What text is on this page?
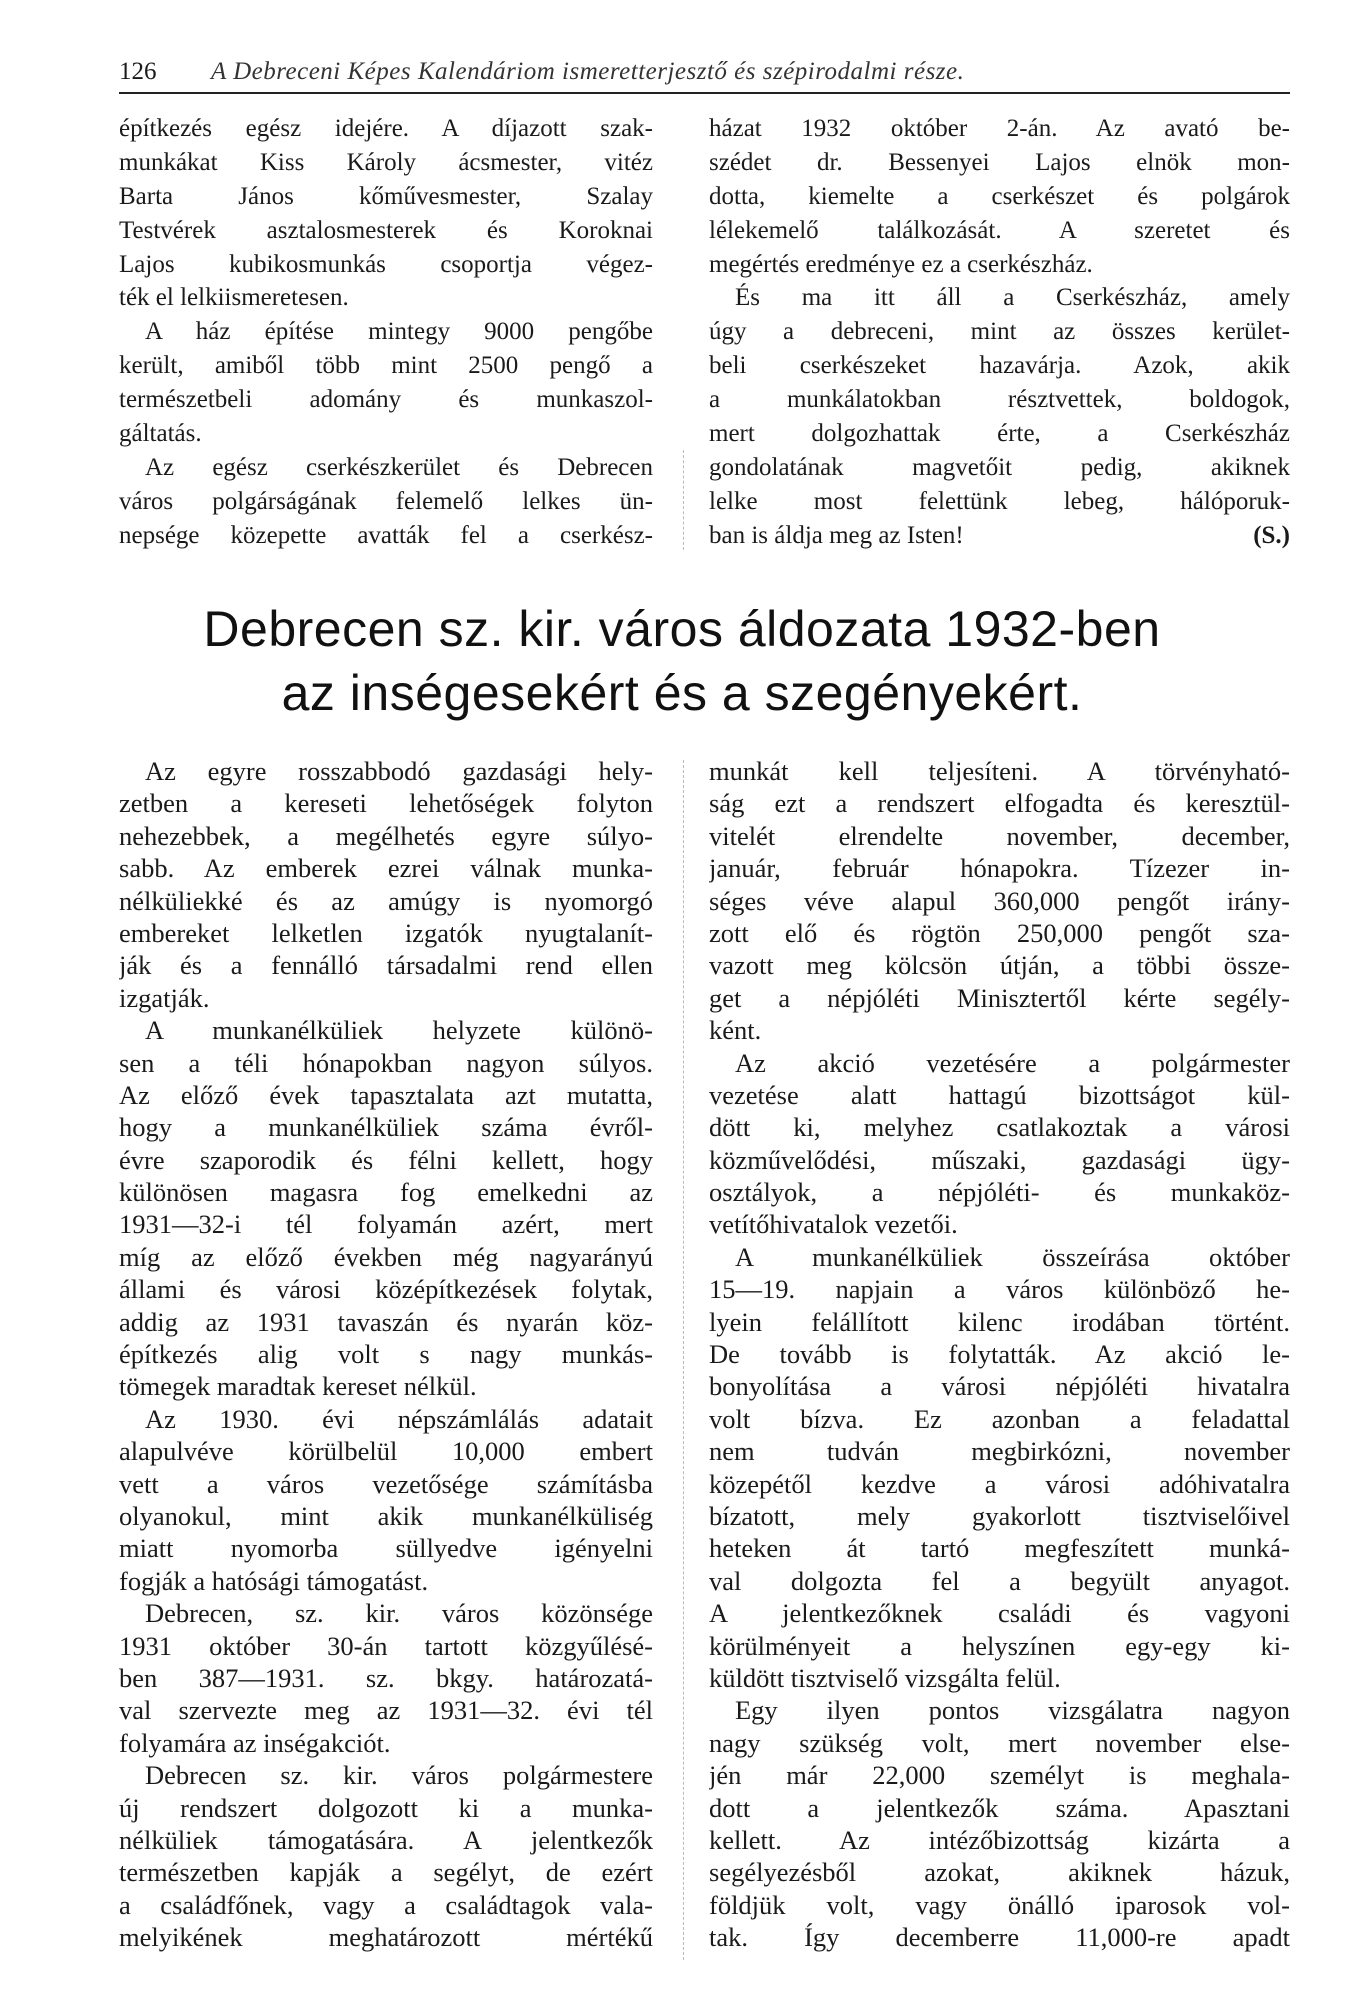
126 A Debreceni Képes Kalendáriom ismeretterjesztő és szépirodalmi része.
építkezés egész idejére. A díjazott szak-
munkákat Kiss Károly ácsmester, vitéz
Barta János kőművesmester, Szalay
Testvérek asztalosmesterek és Koroknai
Lajos kubikosmunkás csoportja végez-
ték el lelkiismeretesen.
A ház építése mintegy 9000 pengőbe
került, amiből több mint 2500 pengő a
természetbeli adomány és munkaszol-
gáltatás.
Az egész cserkészkerület és Debrecen
város polgárságának felemelő lelkes ün-
nepsége közepette avatták fel a cserkész-
házat 1932 október 2-án. Az avató be-
szédet dr. Bessenyei Lajos elnök mon-
dotta, kiemelte a cserkészet és polgárok
lélekemelő találkozását. A szeretet és
megértés eredménye ez a cserkészház.
És ma itt áll a Cserkészház, amely
úgy a debreceni, mint az összes kerület-
beli cserkészeket hazavárja. Azok, akik
a munkálatokban résztvettek, boldogok,
mert dolgozhattak érte, a Cserkészház
gondolatának magvetőit pedig, akiknek
lelke most felettünk lebeg, hálóporuk-
(S.)
ban is áldja meg az Isten!
Debrecen sz. kir. város áldozata 1932-ben
az inségesekért és a szegényekért.
Az egyre rosszabbodó gazdasági hely-
zetben a kereseti lehetőségek folyton
nehezebbek, a megélhetés egyre súlyo-
sabb. Az emberek ezrei válnak munka-
nélküliekké és az amúgy is nyomorgó
embereket lelketlen izgatók nyugtalanít-
ják és a fennálló társadalmi rend ellen
izgatják.
A munkanélküliek helyzete különö-
sen a téli hónapokban nagyon súlyos.
Az előző évek tapasztalata azt mutatta,
hogy a munkanélküliek száma évről-
évre szaporodik és félni kellett, hogy
különösen magasra fog emelkedni az
1931—32-i tél folyamán azért, mert
míg az előző években még nagyarányú
állami és városi középítkezések folytak,
addig az 1931 tavaszán és nyarán köz-
építkezés alig volt s nagy munkás-
tömegek maradtak kereset nélkül.
Az 1930. évi népszámlálás adatait
alapulvéve körülbelül 10,000 embert
vett a város vezetősége számításba
olyanokul, mint akik munkanélküliség
miatt nyomorba süllyedve igényelni
fogják a hatósági támogatást.
Debrecen, sz. kir. város közönsége
1931 október 30-án tartott közgyűlésé-
ben 387—1931. sz. bkgy. határozatá-
val szervezte meg az 1931—32. évi tél
folyamára az inségakciót.
Debrecen sz. kir. város polgármestere
új rendszert dolgozott ki a munka-
nélküliek támogatására. A jelentkezők
természetben kapják a segélyt, de ezért
a családfőnek, vagy a családtagok vala-
melyikének meghatározott mértékű
munkát kell teljesíteni. A törvényható-
ság ezt a rendszert elfogadta és keresztül-
vitelét elrendelte november, december,
január, február hónapokra. Tízezer in-
séges véve alapul 360,000 pengőt irány-
zott elő és rögtön 250,000 pengőt sza-
vazott meg kölcsön útján, a többi össze-
get a népjóléti Minisztertől kérte segély-
ként.
Az akció vezetésére a polgármester
vezetése alatt hattagú bizottságot kül-
dött ki, melyhez csatlakoztak a városi
közművelődési, műszaki, gazdasági ügy-
osztályok, a népjóléti- és munkaköz-
vetítőhivatalok vezetői.
A munkanélküliek összeírása október
15—19. napjain a város különböző he-
lyein felállított kilenc irodában történt.
De tovább is folytatták. Az akció le-
bonyolítása a városi népjóléti hivatalra
volt bízva. Ez azonban a feladattal
nem tudván megbirkózni, november
közepétől kezdve a városi adóhivatalra
bízatott, mely gyakorlott tisztviselőivel
heteken át tartó megfeszített munká-
val dolgozta fel a begyült anyagot.
A jelentkezőknek családi és vagyoni
körülményeit a helyszínen egy-egy ki-
küldött tisztviselő vizsgálta felül.
Egy ilyen pontos vizsgálatra nagyon
nagy szükség volt, mert november else-
jén már 22,000 személyt is meghala-
dott a jelentkezők száma. Apasztani
kellett. Az intézőbizottság kizárta a
segélyezésből azokat, akiknek házuk,
földjük volt, vagy önálló iparosok vol-
tak. Így decemberre 11,000-re apadt
